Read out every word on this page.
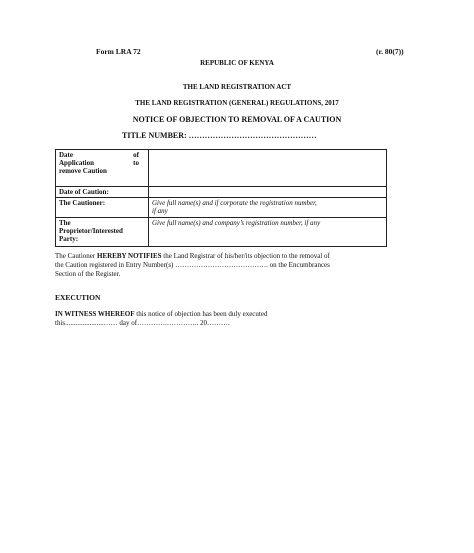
Form LRA 72	(r. 80(7))
REPUBLIC OF KENYA
THE LAND REGISTRATION ACT
THE LAND REGISTRATION (GENERAL) REGULATIONS, 2017
NOTICE OF OBJECTION TO REMOVAL OF A CAUTION
TITLE NUMBER: …………………………………………
Date of
Application to
remove Caution	

Date of Caution:	
The Cautioner:	Give full name(s) and if corporate the registration number,
if any
The
Proprietor/Interested
Party:	Give full name(s) and company’s registration number, if any
The Cautioner HEREBY NOTIFIES the Land Registrar of his/her/its objection to the removal of
the Caution registered in Entry Number(s) …………………………………. on the Encumbrances
Section of the Register.
EXECUTION
IN WITNESS WHEREOF this notice of objection has been duly executed
this......................…… day of………….………….. 20……….
